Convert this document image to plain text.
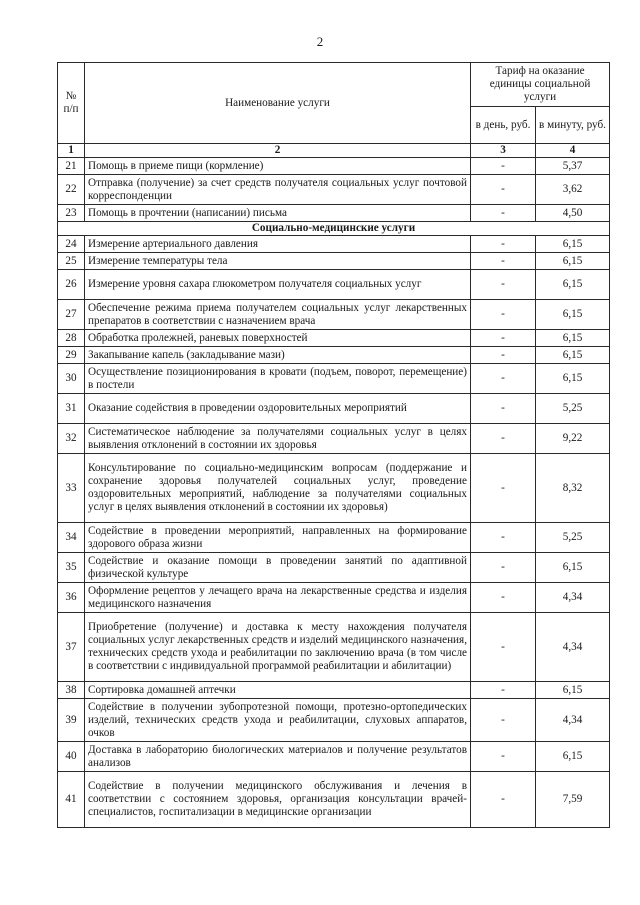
2
№ п/п	Наименование услуги	Тариф на оказание единицы социальной услуги	
		в день, руб.	в минуту, руб.
1	2	3	4
21	Помощь в приеме пищи (кормление)	-	5,37
22	Отправка (получение) за счет средств получателя социальных услуг почтовой корреспонденции	-	3,62
23	Помощь в прочтении (написании) письма	-	4,50
Социально-медицинские услуги			
24	Измерение артериального давления	-	6,15
25	Измерение температуры тела	-	6,15
26	Измерение уровня сахара глюкометром получателя социальных услуг	-	6,15
27	Обеспечение режима приема получателем социальных услуг лекарственных препаратов в соответствии с назначением врача	-	6,15
28	Обработка пролежней, раневых поверхностей	-	6,15
29	Закапывание капель (закладывание мази)	-	6,15
30	Осуществление позиционирования в кровати (подъем, поворот, перемещение) в постели	-	6,15
31	Оказание содействия в проведении оздоровительных мероприятий	-	5,25
32	Систематическое наблюдение за получателями социальных услуг в целях выявления отклонений в состоянии их здоровья	-	9,22
33	Консультирование по социально-медицинским вопросам (поддержание и сохранение здоровья получателей социальных услуг, проведение оздоровительных мероприятий, наблюдение за получателями социальных услуг в целях выявления отклонений в состоянии их здоровья)	-	8,32
34	Содействие в проведении мероприятий, направленных на формирование здорового образа жизни	-	5,25
35	Содействие и оказание помощи в проведении занятий по адаптивной физической культуре	-	6,15
36	Оформление рецептов у лечащего врача на лекарственные средства и изделия медицинского назначения	-	4,34
37	Приобретение (получение) и доставка к месту нахождения получателя социальных услуг лекарственных средств и изделий медицинского назначения, технических средств ухода и реабилитации по заключению врача (в том числе в соответствии с индивидуальной программой реабилитации и абилитации)	-	4,34
38	Сортировка домашней аптечки	-	6,15
39	Содействие в получении зубопротезной помощи, протезно-ортопедических изделий, технических средств ухода и реабилитации, слуховых аппаратов, очков	-	4,34
40	Доставка в лабораторию биологических материалов и получение результатов анализов	-	6,15
41	Содействие в получении медицинского обслуживания и лечения в соответствии с состоянием здоровья, организация консультации врачей-специалистов, госпитализации в медицинские организации	-	7,59
